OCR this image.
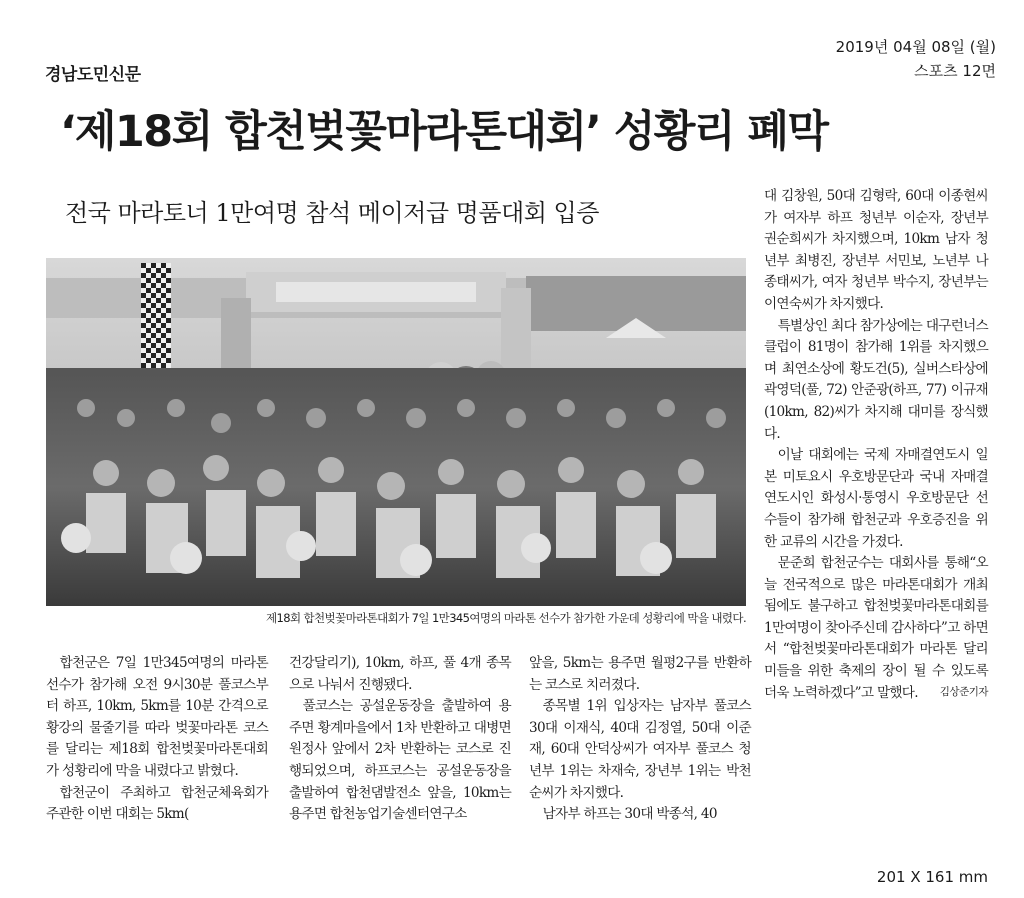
경남도민신문
2019년 04월 08일 (월)
스포츠 12면
‘제18회 합천벚꽃마라톤대회’ 성황리 폐막
전국 마라토너 1만여명 참석 메이저급 명품대회 입증
제18회 합천벚꽃마라톤대회가 7일 1만345여명의 마라톤 선수가 참가한 가운데 성황리에 막을 내렸다.

합천군은 7일 1만345여명의 마라톤 선수가 참가해 오전 9시30분 풀코스부터 하프, 10km, 5km를 10분 간격으로 황강의 물줄기를 따라 벚꽃마라톤 코스를 달리는 제18회 합천벚꽃마라톤대회가 성황리에 막을 내렸다고 밝혔다.

합천군이 주최하고 합천군체육회가 주관한 이번 대회는 5km(

건강달리기), 10km, 하프, 풀 4개 종목으로 나눠서 진행됐다.

풀코스는 공설운동장을 출발하여 용주면 황계마을에서 1차 반환하고 대병면 원정사 앞에서 2차 반환하는 코스로 진행되었으며, 하프코스는 공설운동장을 출발하여 합천댐발전소 앞을, 10km는 용주면 합천농업기술센터연구소

앞을, 5km는 용주면 월평2구를 반환하는 코스로 치러졌다.

종목별 1위 입상자는 남자부 풀코스 30대 이재식, 40대 김정열, 50대 이준재, 60대 안덕상씨가 여자부 풀코스 청년부 1위는 차재숙, 장년부 1위는 박천순씨가 차지했다.

남자부 하프는 30대 박종석, 40

대 김창원, 50대 김형락, 60대 이종현씨가 여자부 하프 청년부 이순자, 장년부 권순희씨가 차지했으며, 10km 남자 청년부 최병진, 장년부 서민보, 노년부 나종태씨가, 여자 청년부 박수지, 장년부는 이연숙씨가 차지했다.

특별상인 최다 참가상에는 대구런너스클럽이 81명이 참가해 1위를 차지했으며 최연소상에 황도건(5), 실버스타상에 곽영덕(풀, 72) 안준광(하프, 77) 이규재(10km, 82)씨가 차지해 대미를 장식했다.

이날 대회에는 국제 자매결연도시 일본 미토요시 우호방문단과 국내 자매결연도시인 화성시·통영시 우호방문단 선수들이 참가해 합천군과 우호증진을 위한 교류의 시간을 가졌다.

문준희 합천군수는 대회사를 통해“오늘 전국적으로 많은 마라톤대회가 개최됨에도 불구하고 합천벚꽃마라톤대회를 1만여명이 찾아주신데 감사하다”고 하면서 “합천벚꽃마라톤대회가 마라톤 달리미들을 위한 축제의 장이 될 수 있도록 더욱 노력하겠다”고 말했다.	김상준기자
201 X 161 mm
